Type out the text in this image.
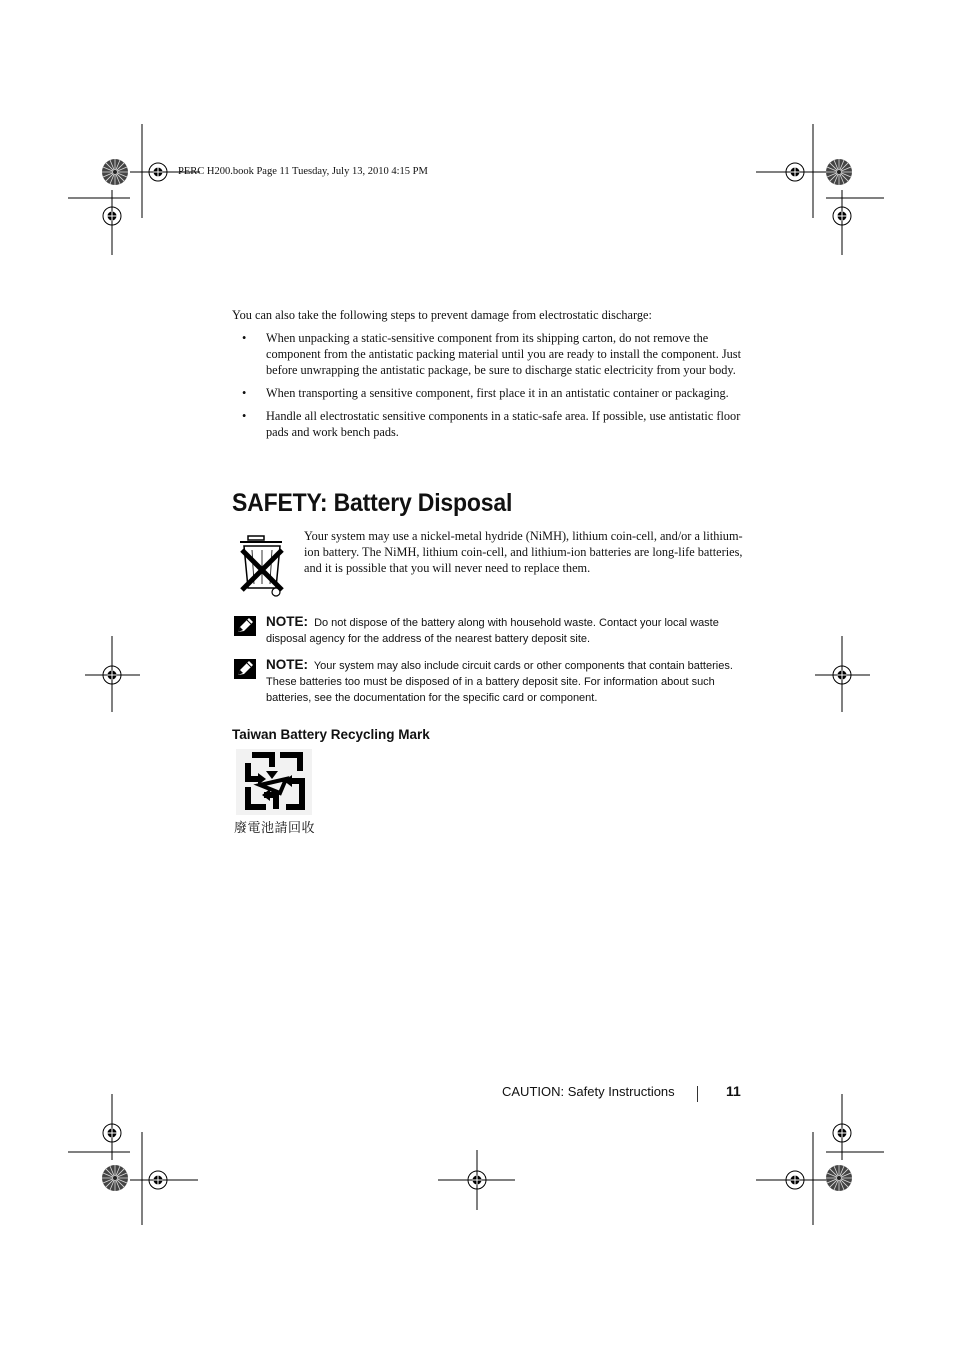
PERC H200.book Page 11 Tuesday, July 13, 2010 4:15 PM
You can also take the following steps to prevent damage from electrostatic discharge:
• When unpacking a static-sensitive component from its shipping carton, do not remove the component from the antistatic packing material until you are ready to install the component. Just before unwrapping the antistatic package, be sure to discharge static electricity from your body.
• When transporting a sensitive component, first place it in an antistatic container or packaging.
• Handle all electrostatic sensitive components in a static-safe area. If possible, use antistatic floor pads and work bench pads.
SAFETY: Battery Disposal
Your system may use a nickel-metal hydride (NiMH), lithium coin-cell, and/or a lithium-ion battery. The NiMH, lithium coin-cell, and lithium-ion batteries are long-life batteries, and it is possible that you will never need to replace them.
NOTE: Do not dispose of the battery along with household waste. Contact your local waste disposal agency for the address of the nearest battery deposit site.
NOTE: Your system may also include circuit cards or other components that contain batteries. These batteries too must be disposed of in a battery deposit site. For information about such batteries, see the documentation for the specific card or component.
Taiwan Battery Recycling Mark
廢電池請回收
CAUTION: Safety Instructions	11
